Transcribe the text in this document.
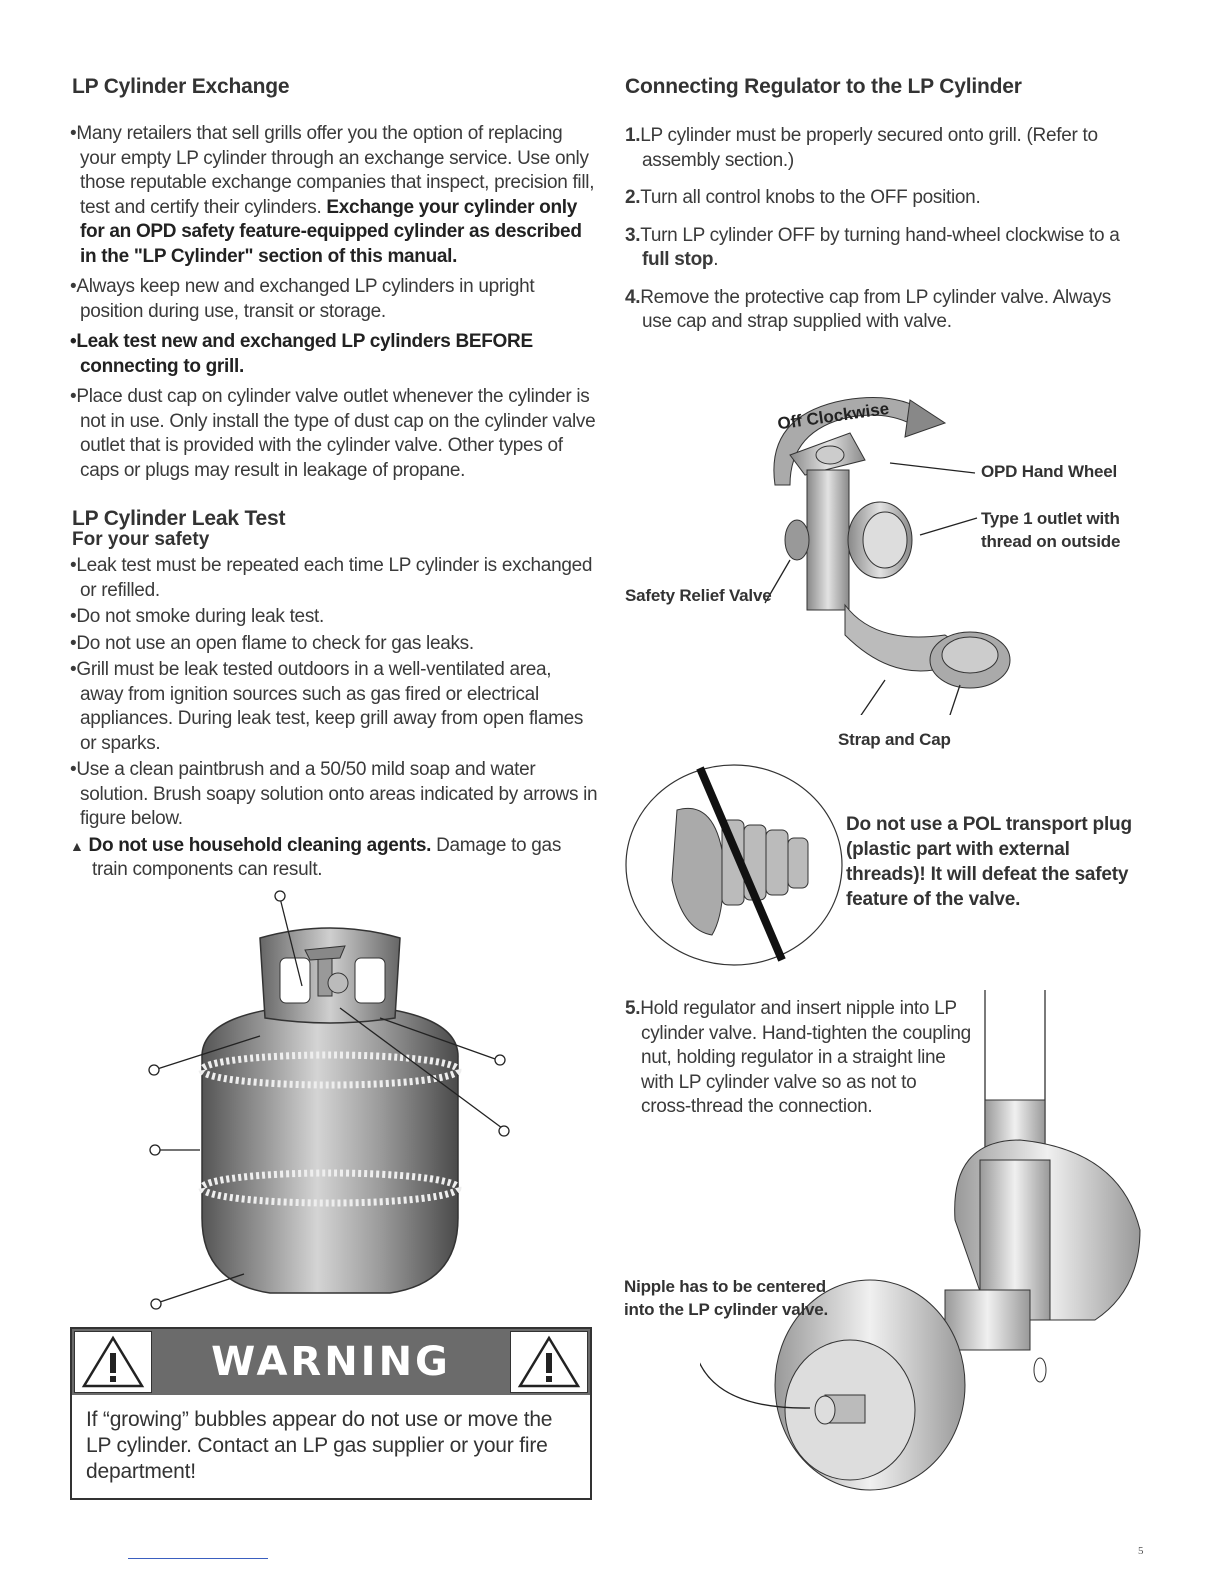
LP Cylinder Exchange

•Many retailers that sell grills offer you the option of replacing your empty LP cylinder through an exchange service. Use only those reputable exchange companies that inspect, precision fill, test and certify their cylinders. Exchange your cylinder only for an OPD safety feature-equipped cylinder as described in the "LP Cylinder" section of this manual.

•Always keep new and exchanged LP cylinders in upright position during use, transit or storage.

•Leak test new and exchanged LP cylinders BEFORE connecting to grill.

•Place dust cap on cylinder valve outlet whenever the cylinder is not in use. Only install the type of dust cap on the cylinder valve outlet that is provided with the cylinder valve. Other types of caps or plugs may result in leakage of propane.

LP Cylinder Leak Test
For your safety

•Leak test must be repeated each time LP cylinder is exchanged or refilled.

•Do not smoke during leak test.

•Do not use an open flame to check for gas leaks.

•Grill must be leak tested outdoors in a well-ventilated area, away from ignition sources such as gas fired or electrical appliances. During leak test, keep grill away from open flames or sparks.

•Use a clean paintbrush and a 50/50 mild soap and water solution. Brush soapy solution onto areas indicated by arrows in figure below.

▲ Do not use household cleaning agents. Damage to gas train components can result.

WARNING
If “growing” bubbles appear do not use or move the LP cylinder. Contact an LP gas supplier or your fire department!
Connecting Regulator to the LP Cylinder

1.LP cylinder must be properly secured onto grill. (Refer to assembly section.)

2.Turn all control knobs to the OFF position.

3.Turn LP cylinder OFF by turning hand-wheel clockwise to a full stop.

4.Remove the protective cap from LP cylinder valve. Always use cap and strap supplied with valve.

Off Clockwise
OPD Hand Wheel
Type 1 outlet with thread on outside
Safety Relief Valve
Strap and Cap
Do not use a POL transport plug (plastic part with external threads)! It will defeat the safety feature of the valve.
5.Hold regulator and insert nipple into LP cylinder valve. Hand-tighten the coupling nut, holding regulator in a straight line with LP cylinder valve so as not to cross-thread the connection.
Nipple has to be centered into the LP cylinder valve.
5
